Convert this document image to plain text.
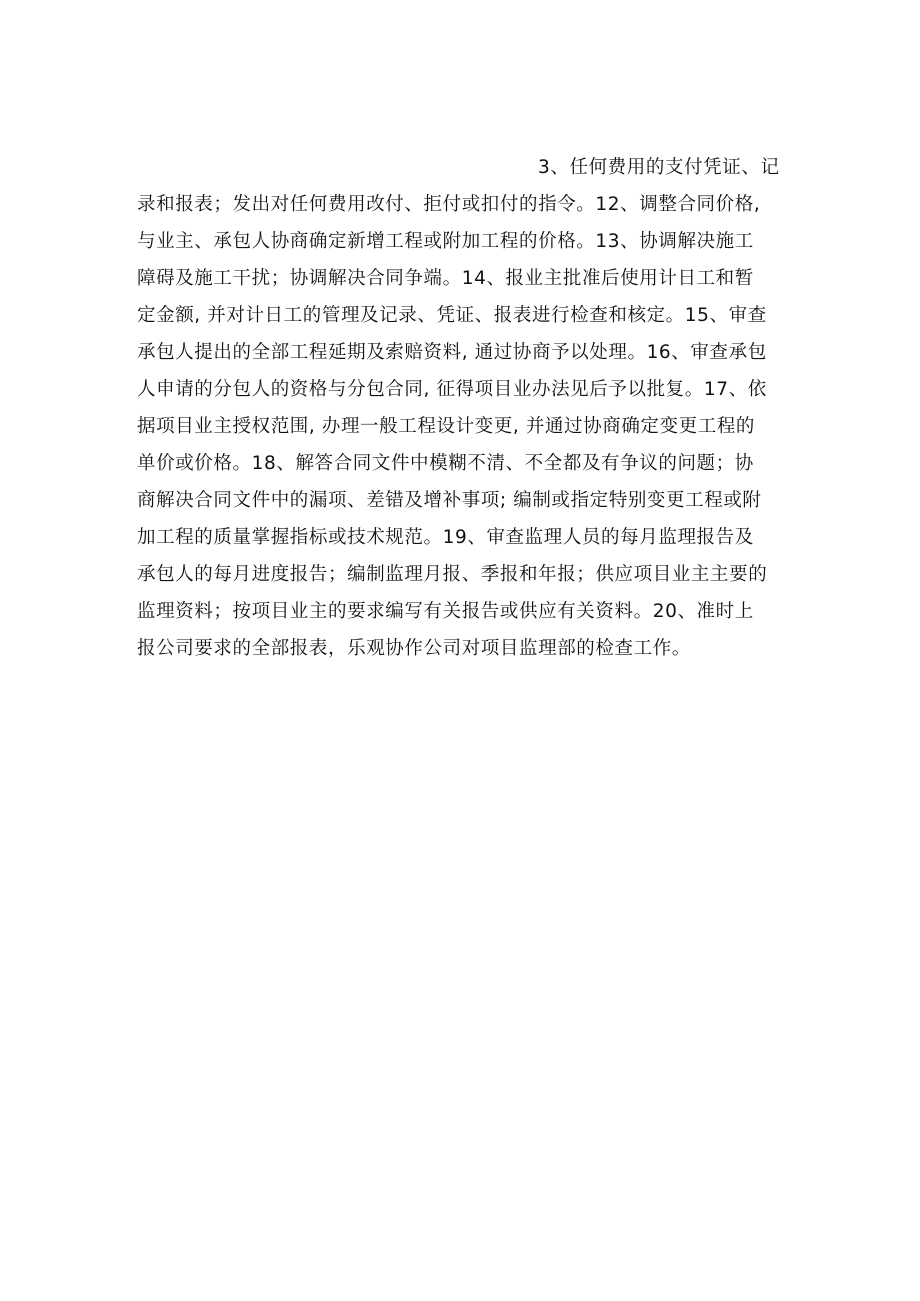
3、任何费用的支付凭证、记
录和报表；发出对任何费用改付、拒付或扣付的指令。12、调整合同价格,
与业主、承包人协商确定新增工程或附加工程的价格。13、协调解决施工
障碍及施工干扰；协调解决合同争端。14、报业主批准后使用计日工和暂
定金额, 并对计日工的管理及记录、凭证、报表进行检查和核定。15、审查
承包人提出的全部工程延期及索赔资料, 通过协商予以处理。16、审查承包
人申请的分包人的资格与分包合同, 征得项目业办法见后予以批复。17、依
据项目业主授权范围, 办理一般工程设计变更, 并通过协商确定变更工程的
单价或价格。18、解答合同文件中模糊不清、不全都及有争议的问题；协
商解决合同文件中的漏项、差错及增补事项; 编制或指定特别变更工程或附
加工程的质量掌握指标或技术规范。19、审查监理人员的每月监理报告及
承包人的每月进度报告；编制监理月报、季报和年报；供应项目业主主要的
监理资料；按项目业主的要求编写有关报告或供应有关资料。20、准时上
报公司要求的全部报表，乐观协作公司对项目监理部的检查工作。
